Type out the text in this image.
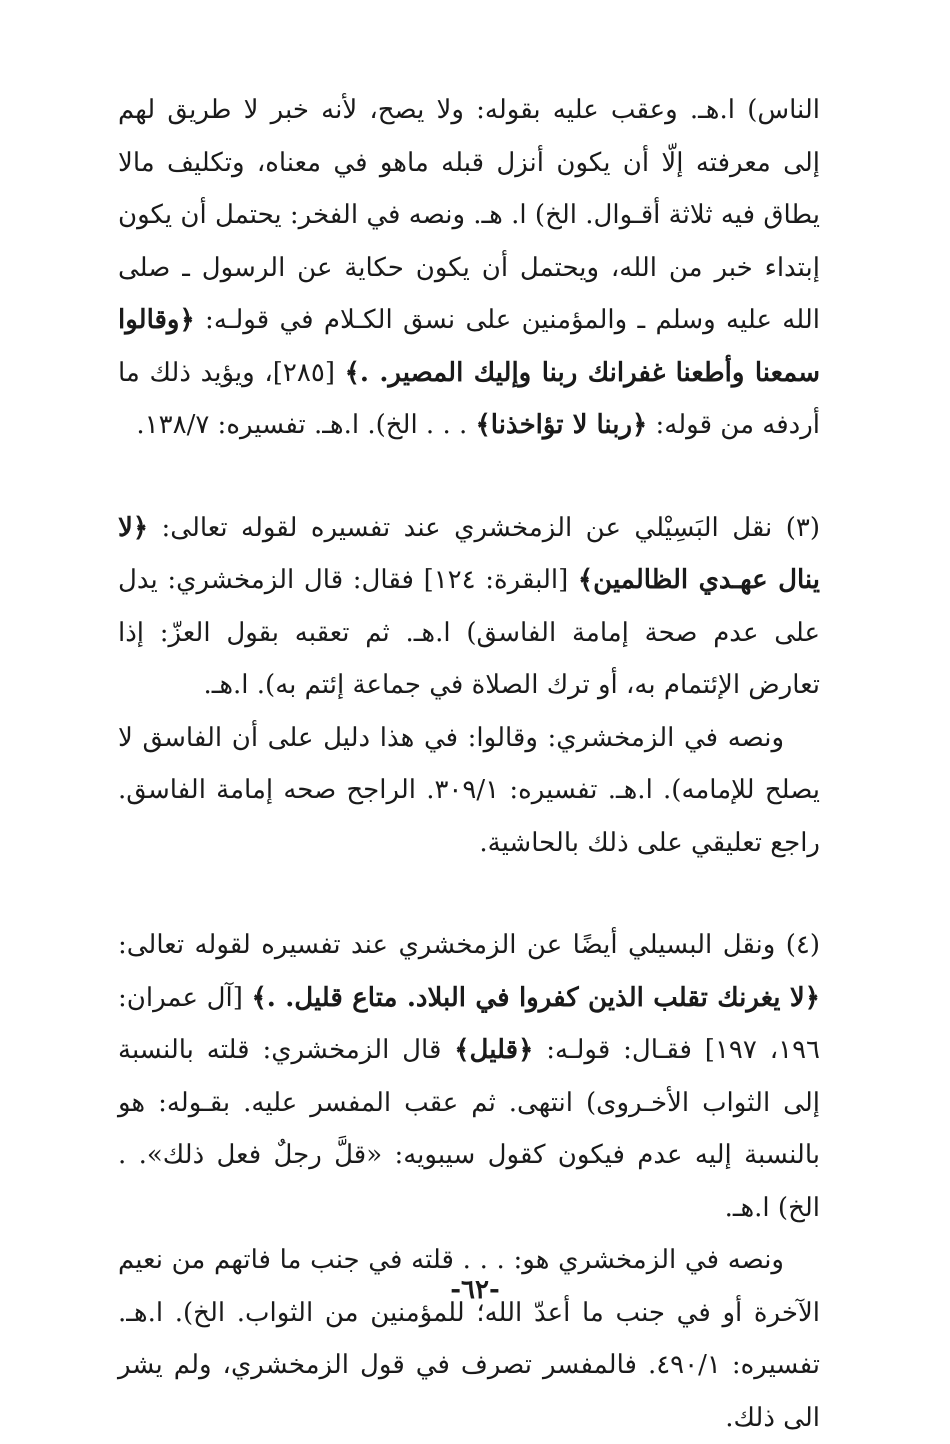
الناس) ا.هـ. وعقب عليه بقوله: ولا يصح، لأنه خبر لا طريق لهم إلى معرفته إلّا أن يكون أنزل قبله ماهو في معناه، وتكليف مالا يطاق فيه ثلاثة أقـوال. الخ) ا. هـ. ونصه في الفخر: يحتمل أن يكون إبتداء خبر من الله، ويحتمل أن يكون حكاية عن الرسول ـ صلى الله عليه وسلم ـ والمؤمنين على نسق الكـلام في قولـه: ﴿وقالوا سمعنا وأطعنا غفرانك ربنا وإليك المصير. .﴾ [٢٨٥]، ويؤيد ذلك ما أردفه من قوله: ﴿ربنا لا تؤاخذنا﴾ . . . الخ). ا.هـ. تفسيره: ١٣٨/٧.

(٣) نقل البَسِيْلي عن الزمخشري عند تفسيره لقوله تعالى: ﴿لا ينال عهـدي الظالمين﴾ [البقرة: ١٢٤] فقال: قال الزمخشري: يدل على عدم صحة إمامة الفاسق) ا.هـ. ثم تعقبه بقول العزّ: إذا تعارض الإئتمام به، أو ترك الصلاة في جماعة إئتم به). ا.هـ.

ونصه في الزمخشري: وقالوا: في هذا دليل على أن الفاسق لا يصلح للإمامه). ا.هـ. تفسيره: ٣٠٩/١. الراجح صحه إمامة الفاسق. راجع تعليقي على ذلك بالحاشية.

(٤) ونقل البسيلي أيضًا عن الزمخشري عند تفسيره لقوله تعالى: ﴿لا يغرنك تقلب الذين كفروا في البلاد. متاع قليل. .﴾ [آل عمران: ١٩٦، ١٩٧] فقـال: قولـه: ﴿قليل﴾ قال الزمخشري: قلته بالنسبة إلى الثواب الأخـروى) انتهى. ثم عقب المفسر عليه. بقـوله: هو بالنسبة إليه عدم فيكون كقول سيبويه: «قلَّ رجلٌ فعل ذلك». . الخ) ا.هـ.

ونصه في الزمخشري هو: . . . قلته في جنب ما فاتهم من نعيم الآخرة أو في جنب ما أعدّ الله؛ للمؤمنين من الثواب. الخ). ا.هـ. تفسيره: ٤٩٠/١. فالمفسر تصرف في قول الزمخشري، ولم يشر الى ذلك.

-٦٢-
